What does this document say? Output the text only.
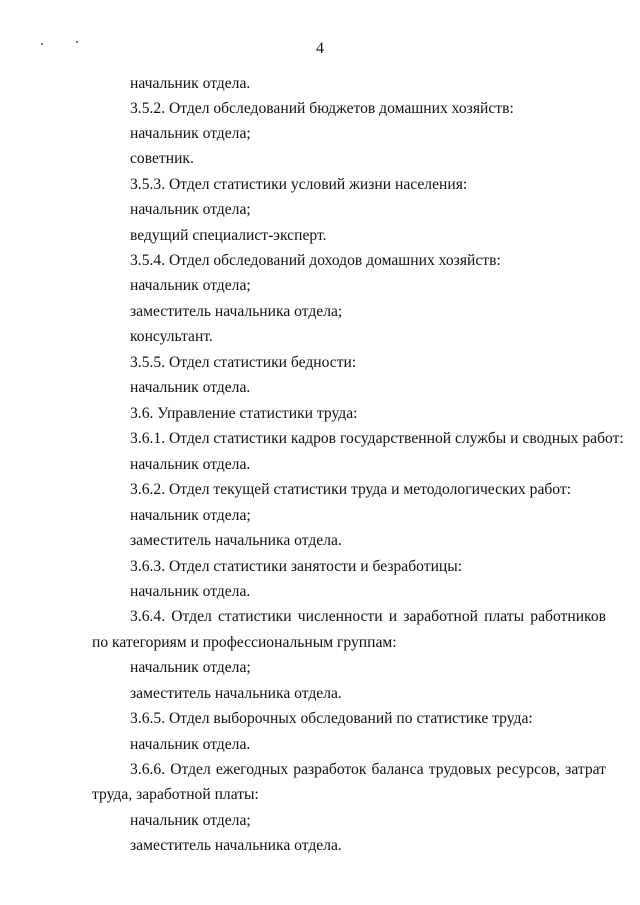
4
начальник отдела.
3.5.2. Отдел обследований бюджетов домашних хозяйств:
начальник отдела;
советник.
3.5.3. Отдел статистики условий жизни населения:
начальник отдела;
ведущий специалист-эксперт.
3.5.4. Отдел обследований доходов домашних хозяйств:
начальник отдела;
заместитель начальника отдела;
консультант.
3.5.5. Отдел статистики бедности:
начальник отдела.
3.6. Управление статистики труда:
3.6.1. Отдел статистики кадров государственной службы и сводных работ:
начальник отдела.
3.6.2. Отдел текущей статистики труда и методологических работ:
начальник отдела;
заместитель начальника отдела.
3.6.3. Отдел статистики занятости и безработицы:
начальник отдела.
3.6.4. Отдел статистики численности и заработной платы работников
по категориям и профессиональным группам:
начальник отдела;
заместитель начальника отдела.
3.6.5. Отдел выборочных обследований по статистике труда:
начальник отдела.
3.6.6. Отдел ежегодных разработок баланса трудовых ресурсов, затрат
труда, заработной платы:
начальник отдела;
заместитель начальника отдела.
